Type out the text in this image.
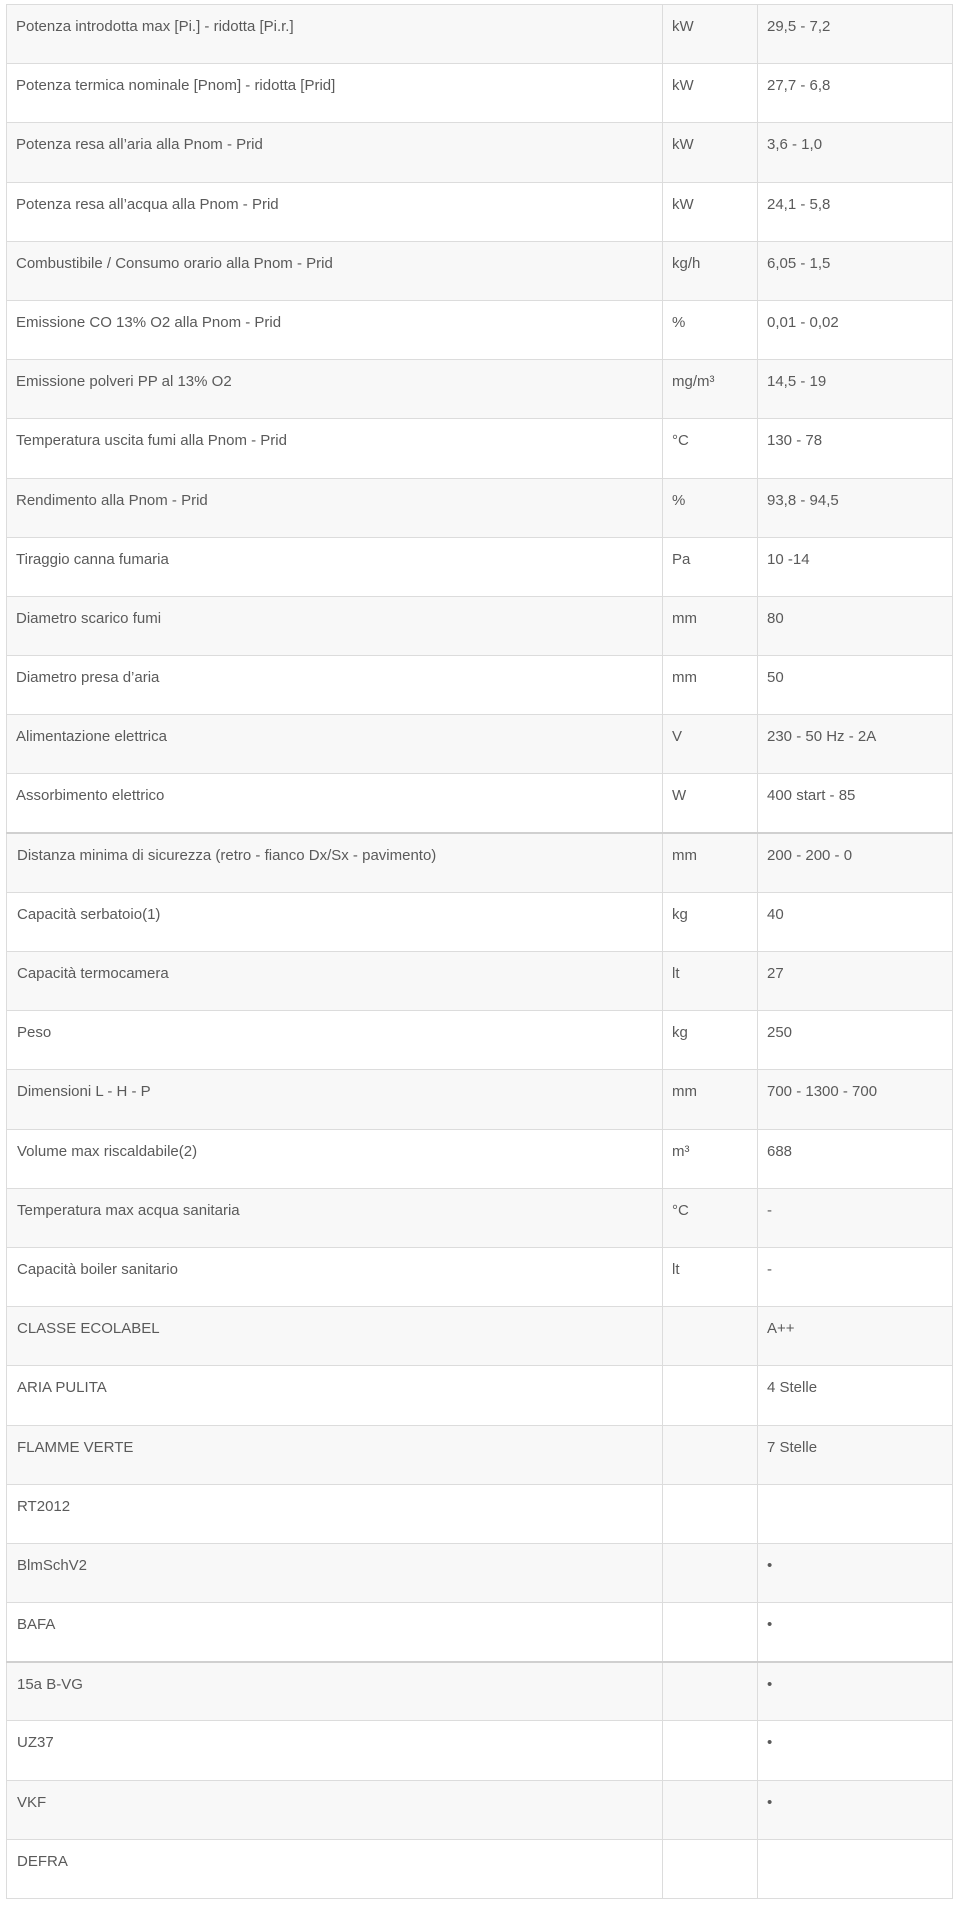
Potenza introdotta max [Pi.] - ridotta [Pi.r.]	kW	29,5 - 7,2
Potenza termica nominale [Pnom] - ridotta [Prid]	kW	27,7 - 6,8
Potenza resa all’aria alla Pnom - Prid	kW	3,6 - 1,0
Potenza resa all’acqua alla Pnom - Prid	kW	24,1 - 5,8
Combustibile / Consumo orario alla Pnom - Prid	kg/h	6,05 - 1,5
Emissione CO 13% O2 alla Pnom - Prid	%	0,01 - 0,02
Emissione polveri PP al 13% O2	mg/m³	14,5 - 19
Temperatura uscita fumi alla Pnom - Prid	°C	130 - 78
Rendimento alla Pnom - Prid	%	93,8 - 94,5
Tiraggio canna fumaria	Pa	10 -14
Diametro scarico fumi	mm	80
Diametro presa d’aria	mm	50
Alimentazione elettrica	V	230 - 50 Hz - 2A
Assorbimento elettrico	W	400 start - 85
Distanza minima di sicurezza (retro - fianco Dx/Sx - pavimento)	mm	200 - 200 - 0
Capacità serbatoio(1)	kg	40
Capacità termocamera	lt	27
Peso	kg	250
Dimensioni L - H - P	mm	700 - 1300 - 700
Volume max riscaldabile(2)	m³	688
Temperatura max acqua sanitaria	°C	-
Capacità boiler sanitario	lt	-
CLASSE ECOLABEL		A++
ARIA PULITA		4 Stelle
FLAMME VERTE		7 Stelle
RT2012		
BlmSchV2		•
BAFA		•
15a B-VG		•
UZ37		•
VKF		•
DEFRA		
